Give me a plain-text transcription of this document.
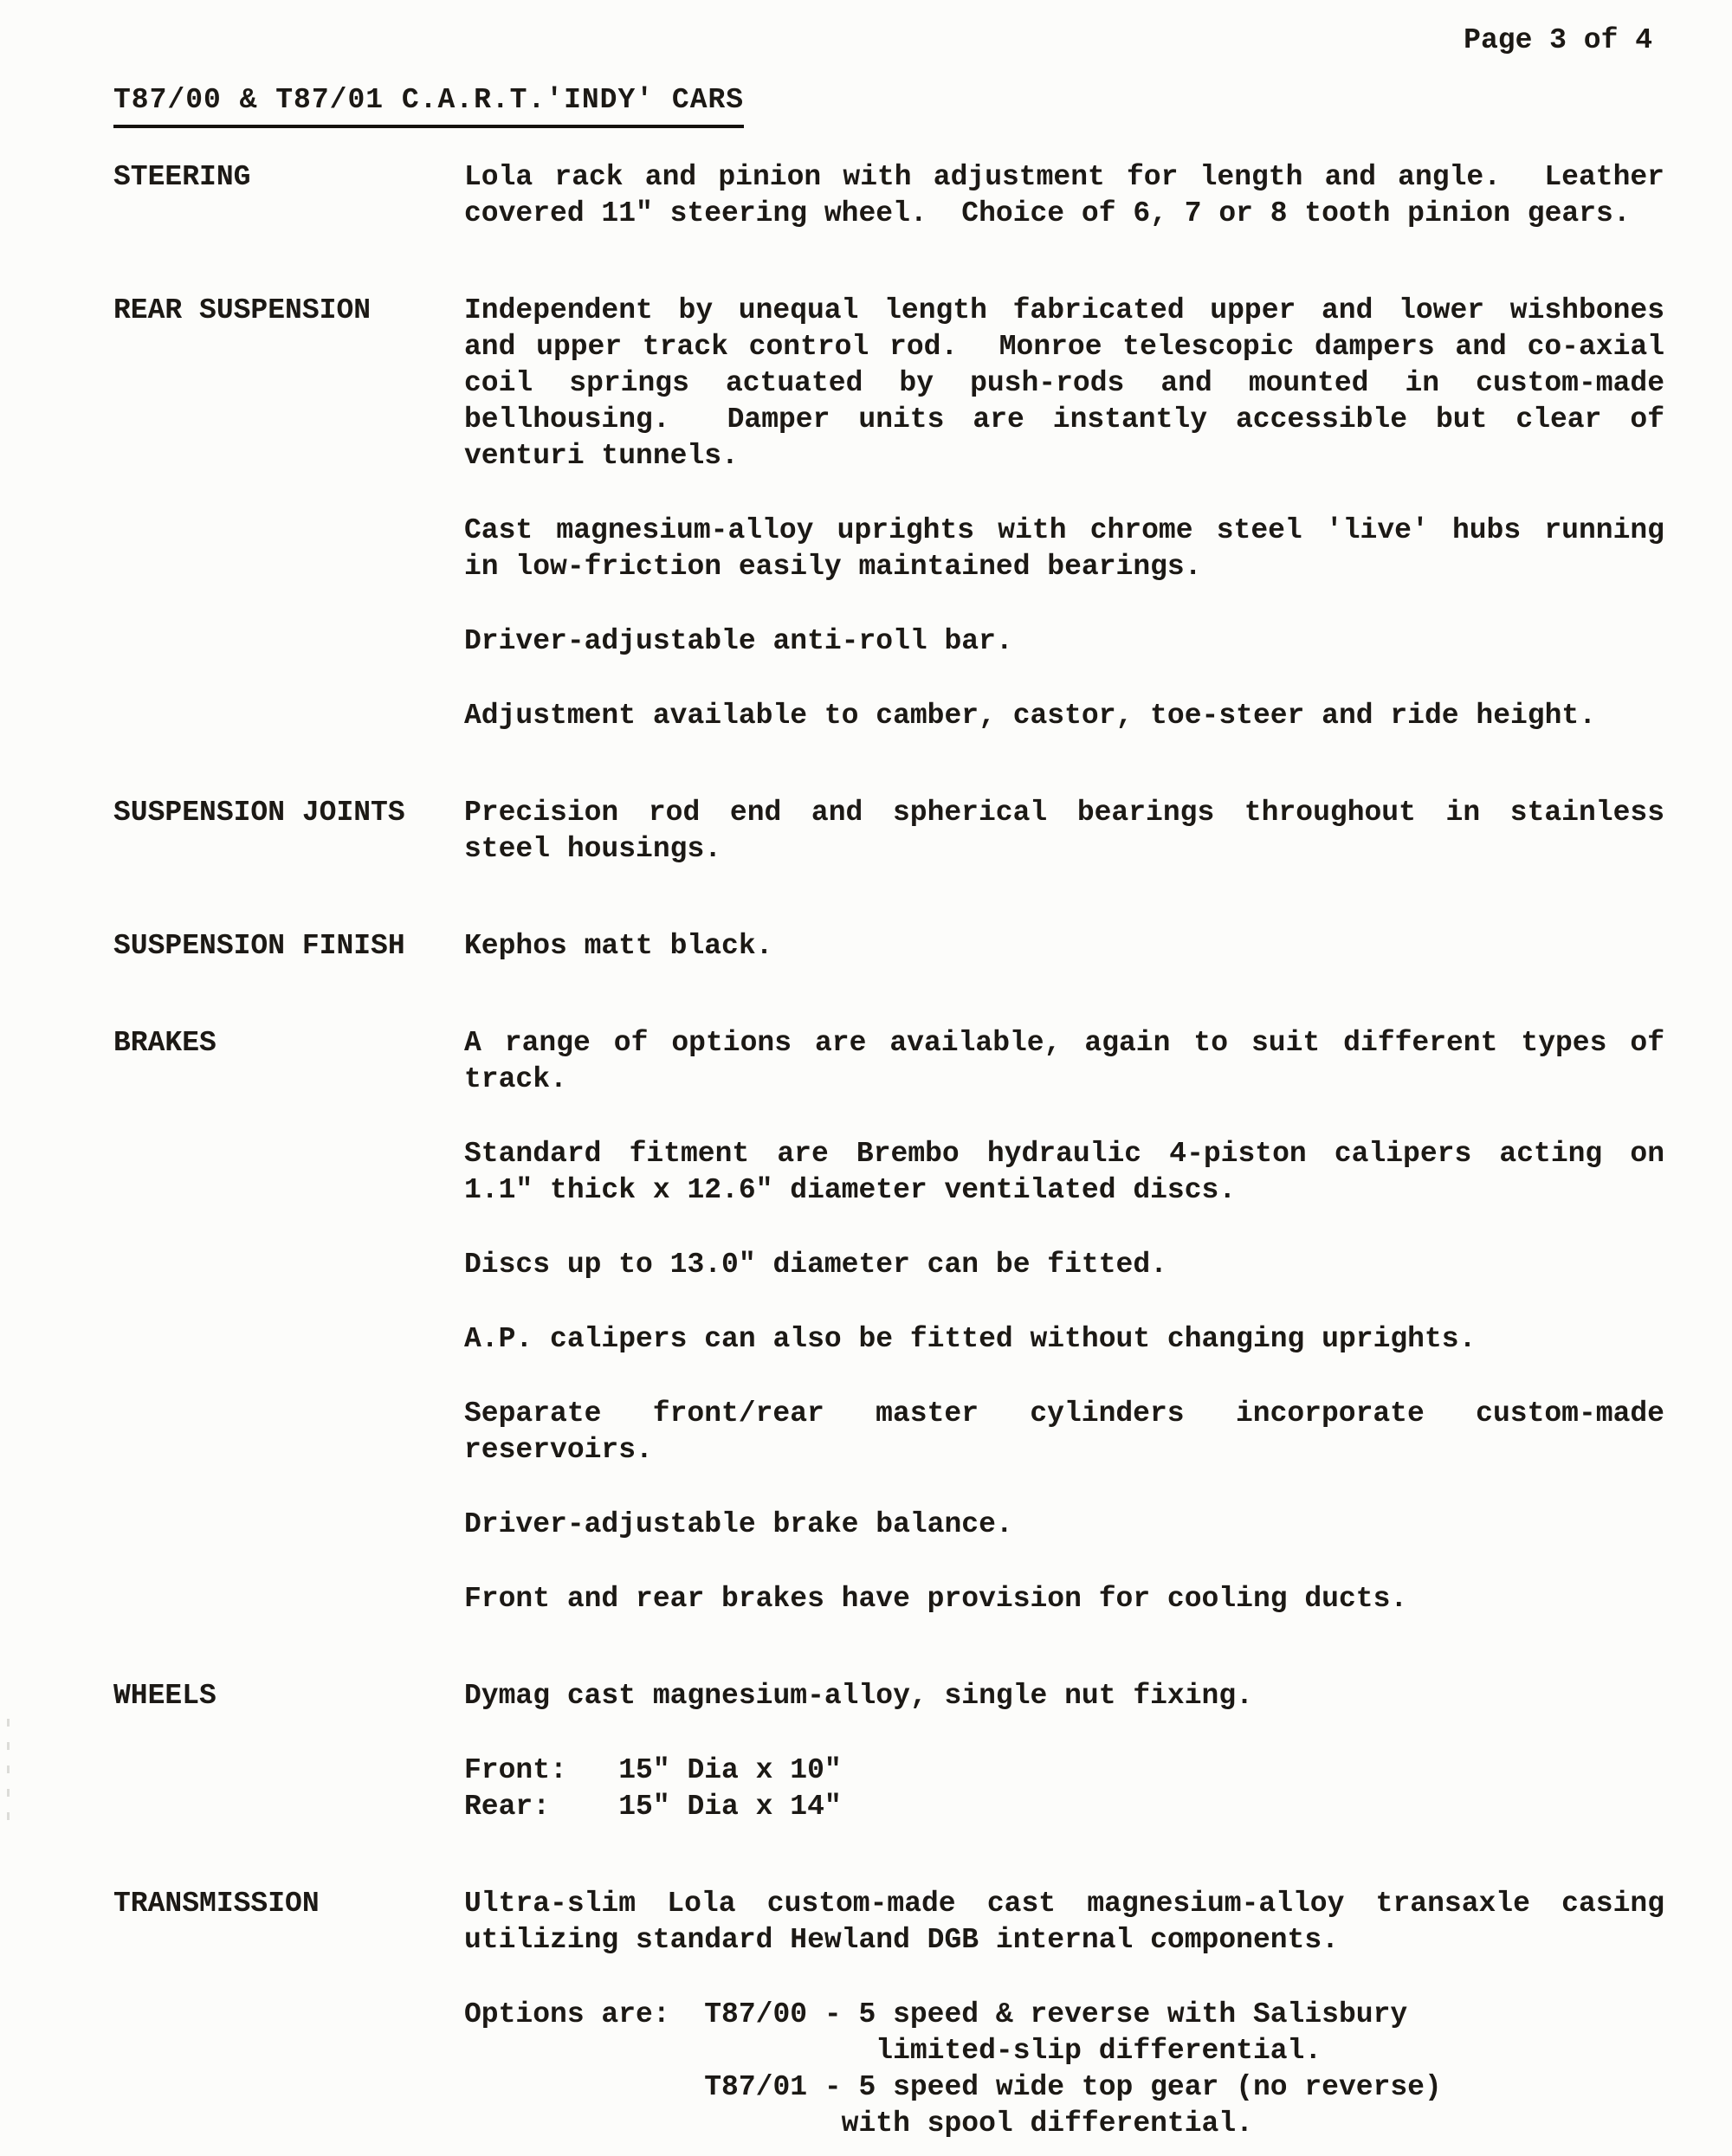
Page 3 of 4
T87/00 & T87/01 C.A.R.T.'INDY' CARS
STEERING	Lola rack and pinion with adjustment for length and angle.  Leather covered 11" steering wheel.  Choice of 6, 7 or 8 tooth pinion gears.

REAR SUSPENSION	Independent by unequal length fabricated upper and lower wishbones and upper track control rod.  Monroe telescopic dampers and co-axial coil springs actuated by push-rods and mounted in custom-made bellhousing.  Damper units are instantly accessible but clear of venturi tunnels.

Cast magnesium-alloy uprights with chrome steel 'live' hubs running in low-friction easily maintained bearings.

Driver-adjustable anti-roll bar.

Adjustment available to camber, castor, toe-steer and ride height.

SUSPENSION JOINTS	Precision rod end and spherical bearings throughout in stainless steel housings.

SUSPENSION FINISH	Kephos matt black.

BRAKES	A range of options are available, again to suit different types of track.

Standard fitment are Brembo hydraulic 4-piston calipers acting on 1.1" thick x 12.6" diameter ventilated discs.

Discs up to 13.0" diameter can be fitted.

A.P. calipers can also be fitted without changing uprights.

Separate front/rear master cylinders incorporate custom-made reservoirs.

Driver-adjustable brake balance.

Front and rear brakes have provision for cooling ducts.

WHEELS	Dymag cast magnesium-alloy, single nut fixing.

Front:   15" Dia x 10"
Rear:    15" Dia x 14"
TRANSMISSION	Ultra-slim Lola custom-made cast magnesium-alloy transaxle casing utilizing standard Hewland DGB internal components.

Options are:  T87/00 - 5 speed & reverse with Salisbury
limited-slip differential.
T87/01 - 5 speed wide top gear (no reverse)
with spool differential.
